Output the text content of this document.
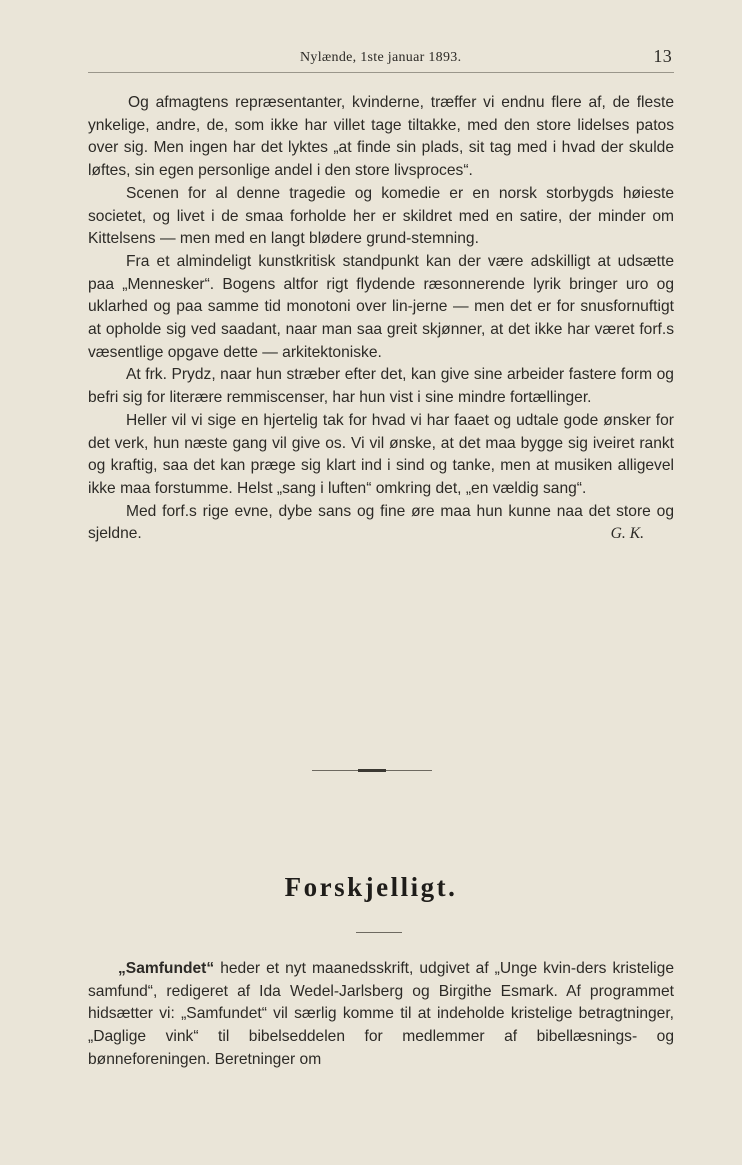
Nylænde, 1ste januar 1893.	13

Og afmagtens repræsentanter, kvinderne, træffer vi endnu flere af, de fleste ynkelige, andre, de, som ikke har villet tage tiltakke, med den store lidelses patos over sig. Men ingen har det lyktes „at finde sin plads, sit tag med i hvad der skulde løftes, sin egen personlige andel i den store livsproces“.

Scenen for al denne tragedie og komedie er en norsk storbygds høieste societet, og livet i de smaa forholde her er skildret med en satire, der minder om Kittelsens — men med en langt blødere grund-stemning.

Fra et almindeligt kunstkritisk standpunkt kan der være adskilligt at udsætte paa „Mennesker“. Bogens altfor rigt flydende ræsonnerende lyrik bringer uro og uklarhed og paa samme tid monotoni over lin-jerne — men det er for snusfornuftigt at opholde sig ved saadant, naar man saa greit skjønner, at det ikke har været forf.s væsentlige opgave dette — arkitektoniske.

At frk. Prydz, naar hun stræber efter det, kan give sine arbeider fastere form og befri sig for literære remmiscenser, har hun vist i sine mindre fortællinger.

Heller vil vi sige en hjertelig tak for hvad vi har faaet og udtale gode ønsker for det verk, hun næste gang vil give os. Vi vil ønske, at det maa bygge sig iveiret rankt og kraftig, saa det kan præge sig klart ind i sind og tanke, men at musiken alligevel ikke maa forstumme. Helst „sang i luften“ omkring det, „en vældig sang“.

Med forf.s rige evne, dybe sans og fine øre maa hun kunne naa det store og sjeldne.	G. K.

Forskjelligt.

„Samfundet“ heder et nyt maanedsskrift, udgivet af „Unge kvin-ders kristelige samfund“, redigeret af Ida Wedel-Jarlsberg og Birgithe Esmark. Af programmet hidsætter vi: „Samfundet“ vil særlig komme til at indeholde kristelige betragtninger, „Daglige vink“ til bibelseddelen for medlemmer af bibellæsnings- og bønneforeningen. Beretninger om
